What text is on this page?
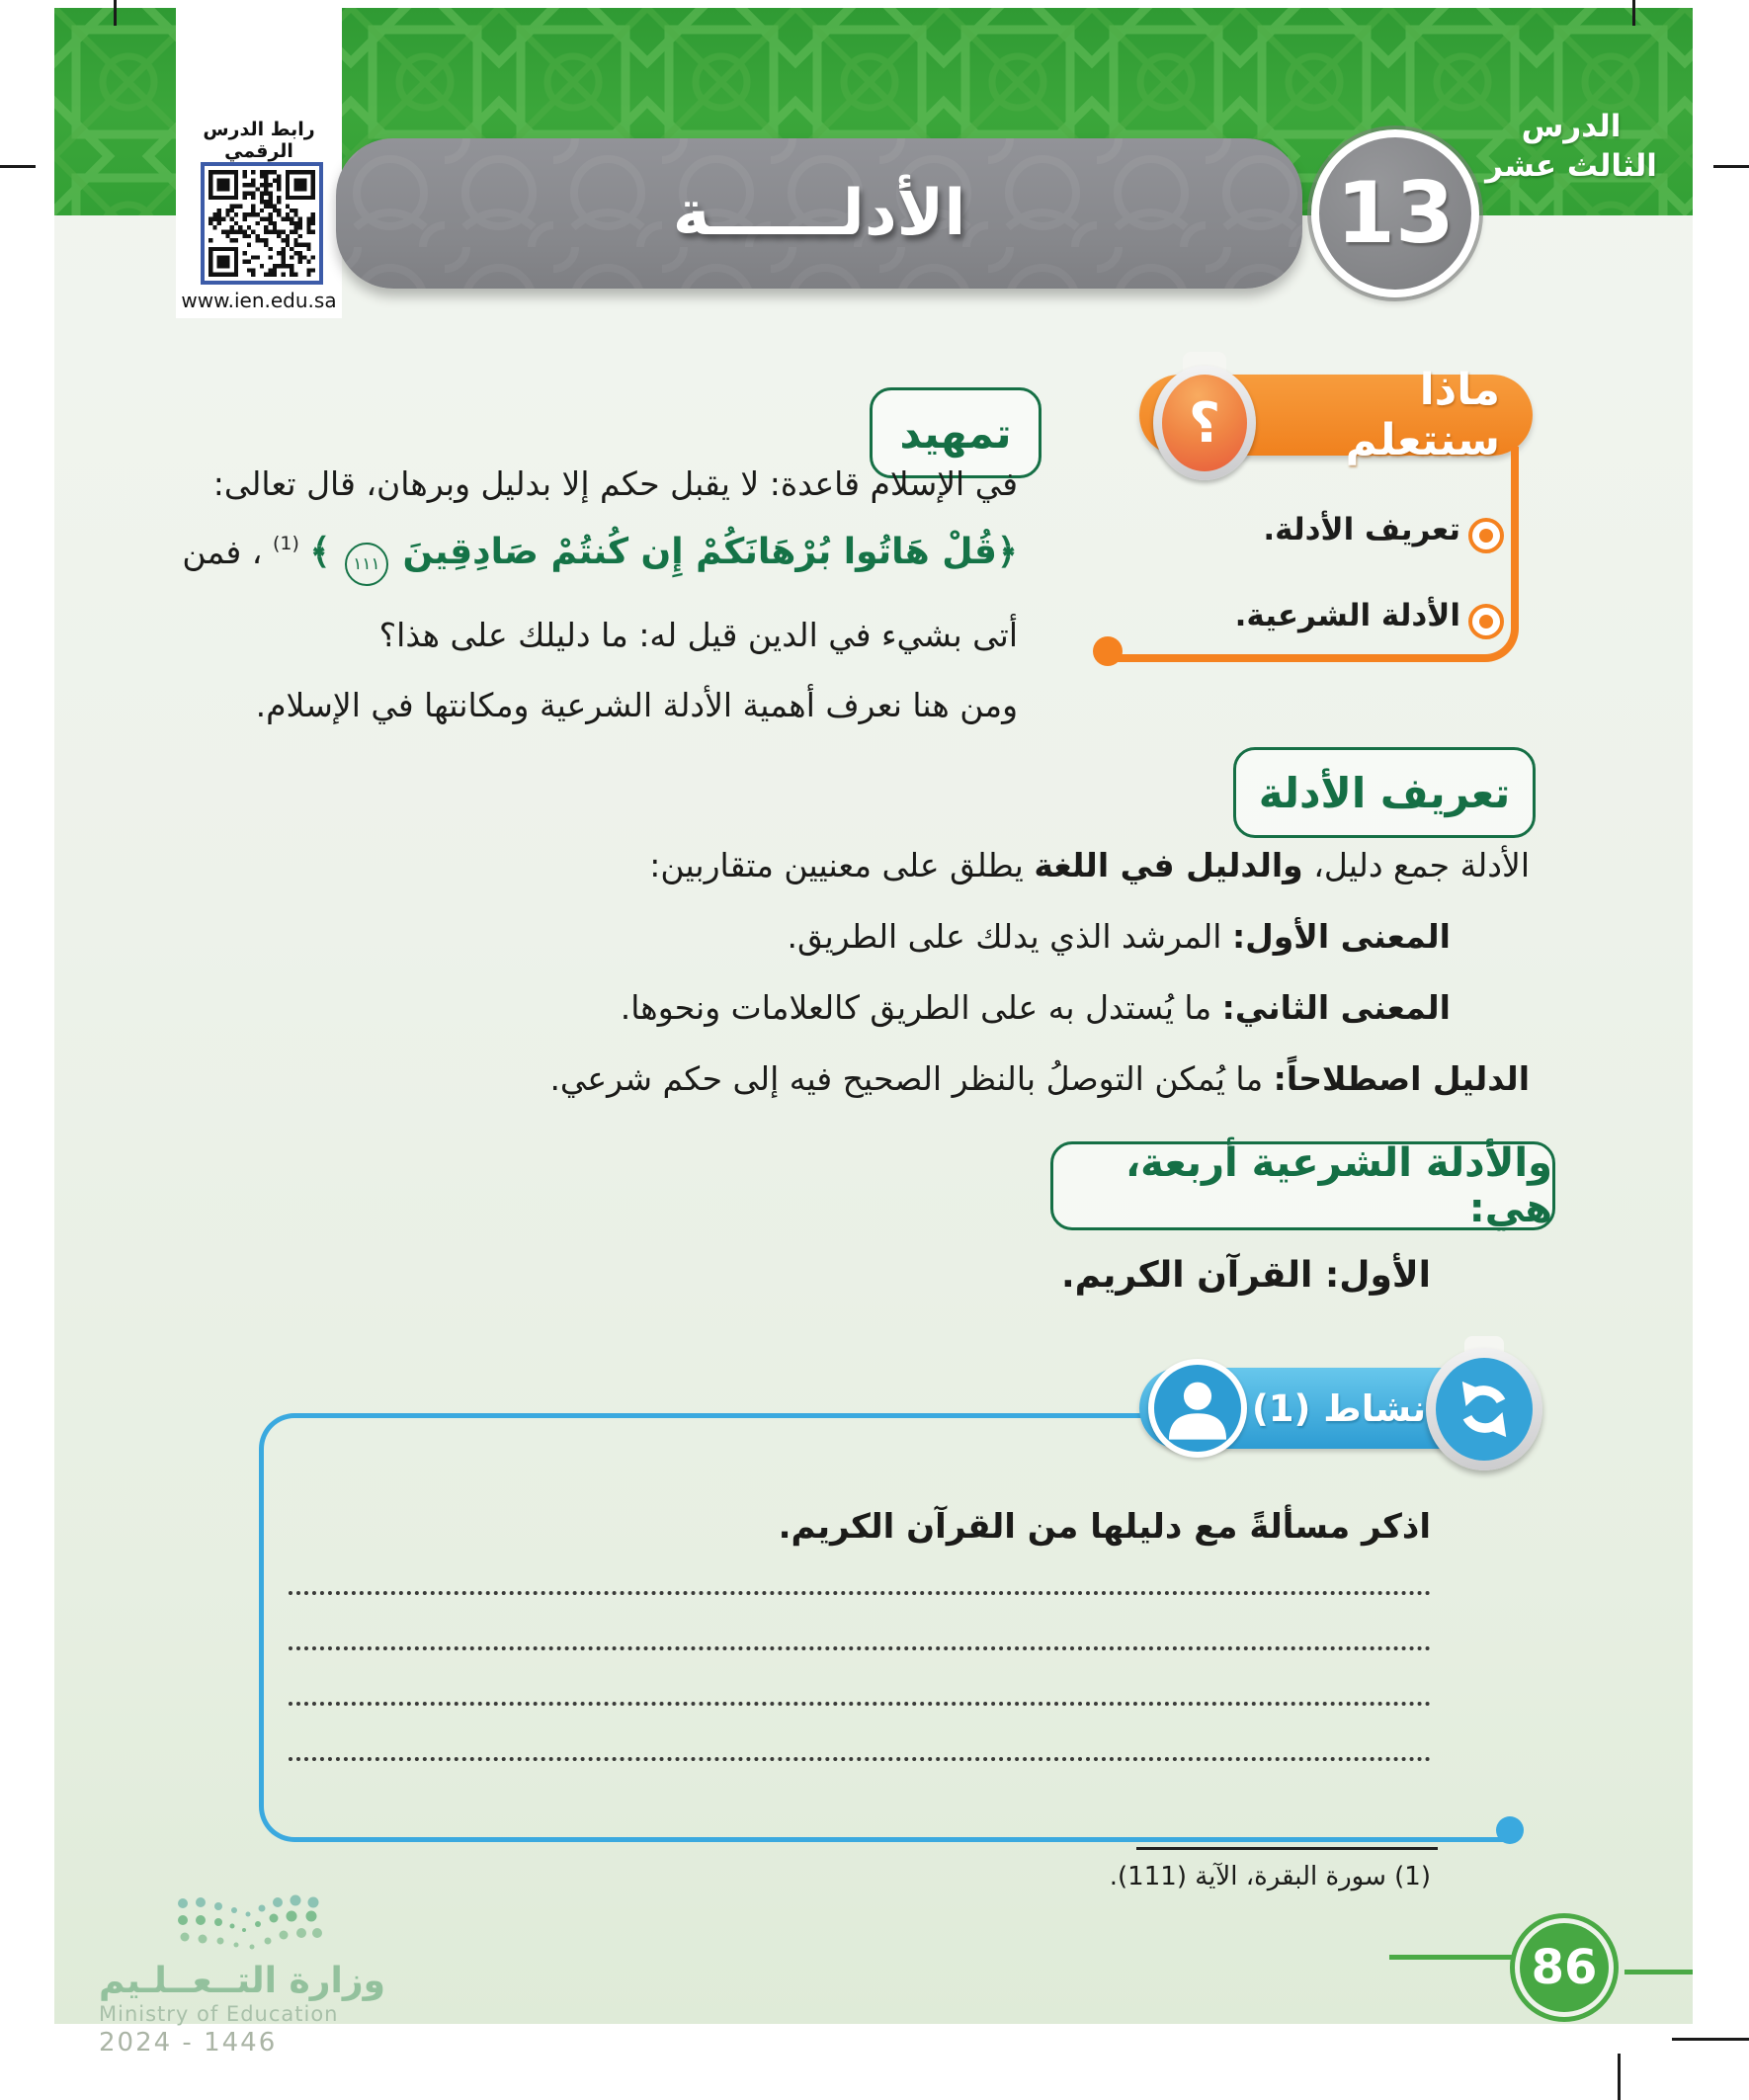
رابط الدرس الرقمي
www.ien.edu.sa
الأدلــــــة	13
الدرس
الثالث عشر
تمهيد
ماذا سنتعلم
؟
تعريف الأدلة.
الأدلة الشرعية.
في الإسلام قاعدة: لا يقبل حكم إلا بدليل وبرهان، قال تعالى:
﴿قُلْ هَاتُوا بُرْهَانَكُمْ إِن كُنتُمْ صَادِقِينَ ١١١ ﴾ $^{(1)}$ ، فمن
أتى بشيء في الدين قيل له: ما دليلك على هذا؟
ومن هنا نعرف أهمية الأدلة الشرعية ومكانتها في الإسلام.
تعريف الأدلة
الأدلة جمع دليل، والدليل في اللغة يطلق على معنيين متقاربين:
المعنى الأول: المرشد الذي يدلك على الطريق.
المعنى الثاني: ما يُستدل به على الطريق كالعلامات ونحوها.
الدليل اصطلاحاً: ما يُمكن التوصلُ بالنظر الصحيح فيه إلى حكم شرعي.
والأدلة الشرعية أربعة، هي:
الأول: القرآن الكريم.
نشاط (1)
اذكر مسألةً مع دليلها من القرآن الكريم.
(1) سورة البقرة، الآية (111).
86
وزارة التــعــلـيم
Ministry of Education
2024 - 1446
